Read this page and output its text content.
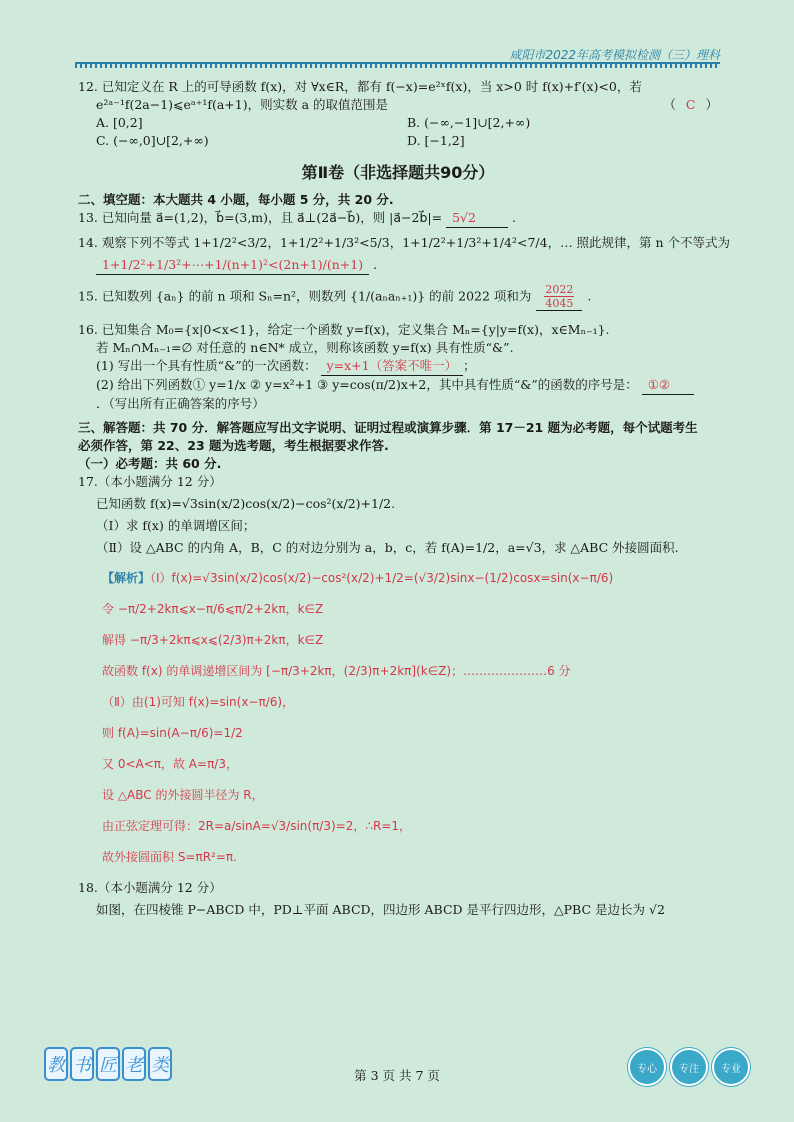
咸阳市2022年高考模拟检测（三）理科

12. 已知定义在 R 上的可导函数 f(x)，对 ∀x∈R，都有 f(−x)=e²ˣf(x)，当 x>0 时 f(x)+f′(x)<0，若

e²ᵃ⁻¹f(2a−1)⩽eᵃ⁺¹f(a+1)，则实数 a 的取值范围是	（ C ）

A. [0,2]	B. (−∞,−1]∪[2,+∞)
C. (−∞,0]∪[2,+∞)	D. [−1,2]
第Ⅱ卷（非选择题共90分）

二、填空题：本大题共 4 小题，每小题 5 分，共 20 分.

13. 已知向量 a⃗=(1,2)，b⃗=(3,m)，且 a⃗⊥(2a⃗−b⃗)，则 |a⃗−2b⃗|= 5√2	.

14. 观察下列不等式 1+1/2²<3/2，1+1/2²+1/3²<5/3，1+1/2²+1/3²+1/4²<7/4，… 照此规律，第 n 个不等式为

1+1/2²+1/3²+⋯+1/(n+1)²<(2n+1)/(n+1) .

15. 已知数列 {aₙ} 的前 n 项和 Sₙ=n²，则数列 {1/(aₙaₙ₊₁)} 的前 2022 项和为 $\frac{2022}{4045}$ .

16. 已知集合 M₀={x|0<x<1}，给定一个函数 y=f(x)，定义集合 Mₙ={y|y=f(x)，x∈Mₙ₋₁}.

若 Mₙ∩Mₙ₋₁=∅ 对任意的 n∈N* 成立，则称该函数 y=f(x) 具有性质“&”.

(1) 写出一个具有性质“&”的一次函数： y=x+1（答案不唯一） ；

(2) 给出下列函数① y=1/x ② y=x²+1 ③ y=cos(π/2)x+2，其中具有性质“&”的函数的序号是： ①②

．（写出所有正确答案的序号）

三、解答题：共 70 分．解答题应写出文字说明、证明过程或演算步骤．第 17－21 题为必考题，每个试题考生

必须作答，第 22、23 题为选考题，考生根据要求作答.

（一）必考题：共 60 分.

17.（本小题满分 12 分）

已知函数 f(x)=√3sin(x/2)cos(x/2)−cos²(x/2)+1/2.

（Ⅰ）求 f(x) 的单调增区间；

（Ⅱ）设 △ABC 的内角 A，B，C 的对边分别为 a，b，c，若 f(A)=1/2，a=√3，求 △ABC 外接圆面积.

【解析】（Ⅰ）f(x)=√3sin(x/2)cos(x/2)−cos²(x/2)+1/2=(√3/2)sinx−(1/2)cosx=sin(x−π/6)

令 −π/2+2kπ⩽x−π/6⩽π/2+2kπ，k∈Z

解得 −π/3+2kπ⩽x⩽(2/3)π+2kπ，k∈Z

故函数 f(x) 的单调递增区间为 [−π/3+2kπ，(2/3)π+2kπ](k∈Z)；…………………6 分

（Ⅱ）由(1)可知 f(x)=sin(x−π/6)，

则 f(A)=sin(A−π/6)=1/2

又 0<A<π，故 A=π/3，

设 △ABC 的外接圆半径为 R，

由正弦定理可得：2R=a/sinA=√3/sin(π/3)=2，∴R=1，

故外接圆面积 S=πR²=π.

18.（本小题满分 12 分）

如图，在四棱锥 P−ABCD 中，PD⊥平面 ABCD，四边形 ABCD 是平行四边形，△PBC 是边长为 √2

教 书 匠 老 类	第 3 页 共 7 页	专心	专注	专业
